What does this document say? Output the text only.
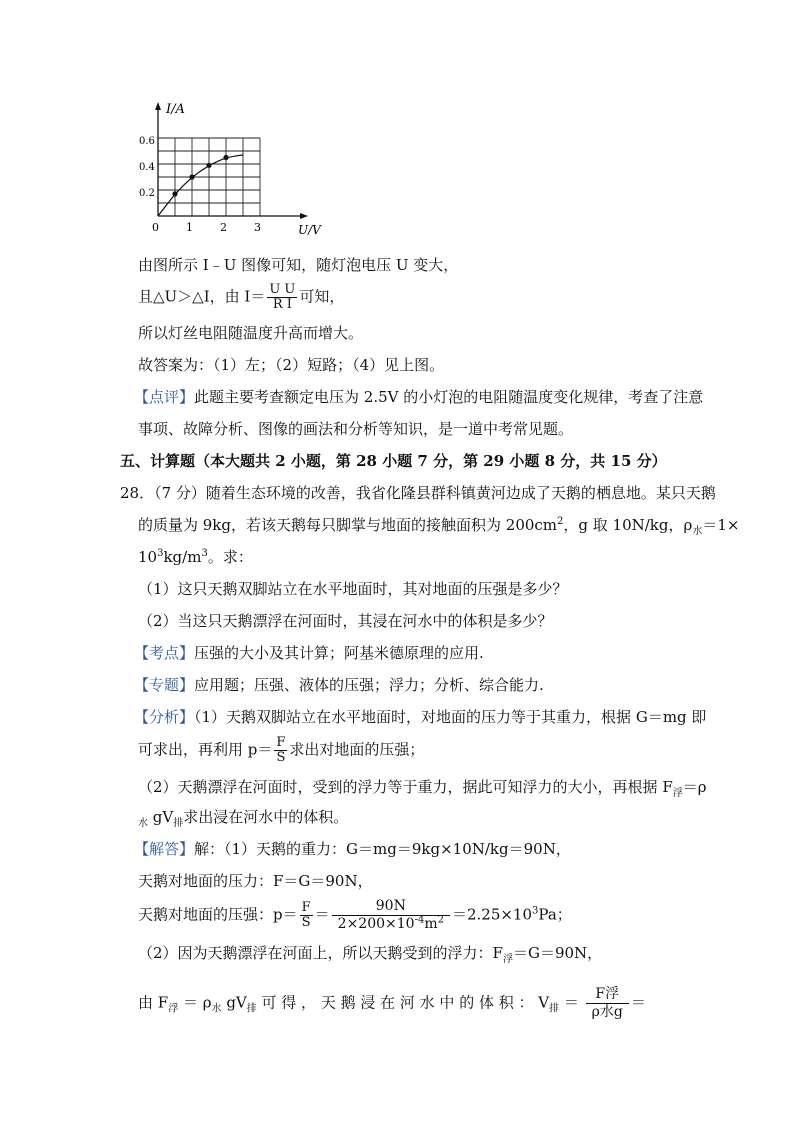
I/A
U/V
0
0.2
0.4
0.6
1 2 3
由图所示 I﹣U 图像可知，随灯泡电压 U 变大，
且△U＞△I，由 $I= \frac{\text{U U}}{\text{R I}}$ 可知，
所以灯丝电阻随温度升高而增大。
故答案为：（1）左；（2）短路；（4）见上图。
【点评】此题主要考查额定电压为 2.5V 的小灯泡的电阻随温度变化规律，考查了注意
事项、故障分析、图像的画法和分析等知识，是一道中考常见题。
五、计算题（本大题共 2 小题，第 28 小题 7 分，第 29 小题 8 分，共 15 分）
28．（7 分）随着生态环境的改善，我省化隆县群科镇黄河边成了天鹅的栖息地。某只天鹅
的质量为 9kg，若该天鹅每只脚掌与地面的接触面积为 $200cm^2$，g 取 10N/kg，$\rho_水=1\times$
$10^3kg/m^3$。求：
（1）这只天鹅双脚站立在水平地面时，其对地面的压强是多少？
（2）当这只天鹅漂浮在河面时，其浸在河水中的体积是多少？
【考点】压强的大小及其计算；阿基米德原理的应用.
【专题】应用题；压强、液体的压强；浮力；分析、综合能力.
【分析】（1）天鹅双脚站立在水平地面时，对地面的压力等于其重力，根据 G＝mg 即
可求出，再利用 $p= \frac{F}{S}$ 求出对地面的压强；
（2）天鹅漂浮在河面时，受到的浮力等于重力，据此可知浮力的大小，再根据 $F_浮=\rho$
$_水$ $gV_排$求出浸在河水中的体积。
【解答】解：（1）天鹅的重力：G＝mg＝9kg×10N/kg＝90N，
天鹅对地面的压力：F＝G＝90N，
天鹅对地面的压强：$p= \frac{F}{S} = \frac{90N}{2\times 200\times 10^{-4}m^2} =2.25\times 10^3Pa$；
（2）因为天鹅漂浮在河面上，所以天鹅受到的浮力：$F_浮=G=90N$，
由 $F_浮 = \rho_水$ $gV_排$ 可 得 ， 天 鹅 浸 在 河 水 中 的 体 积 ： $V_排 = \frac{\text{F浮}}{\text{ρ水g}}$ ＝
